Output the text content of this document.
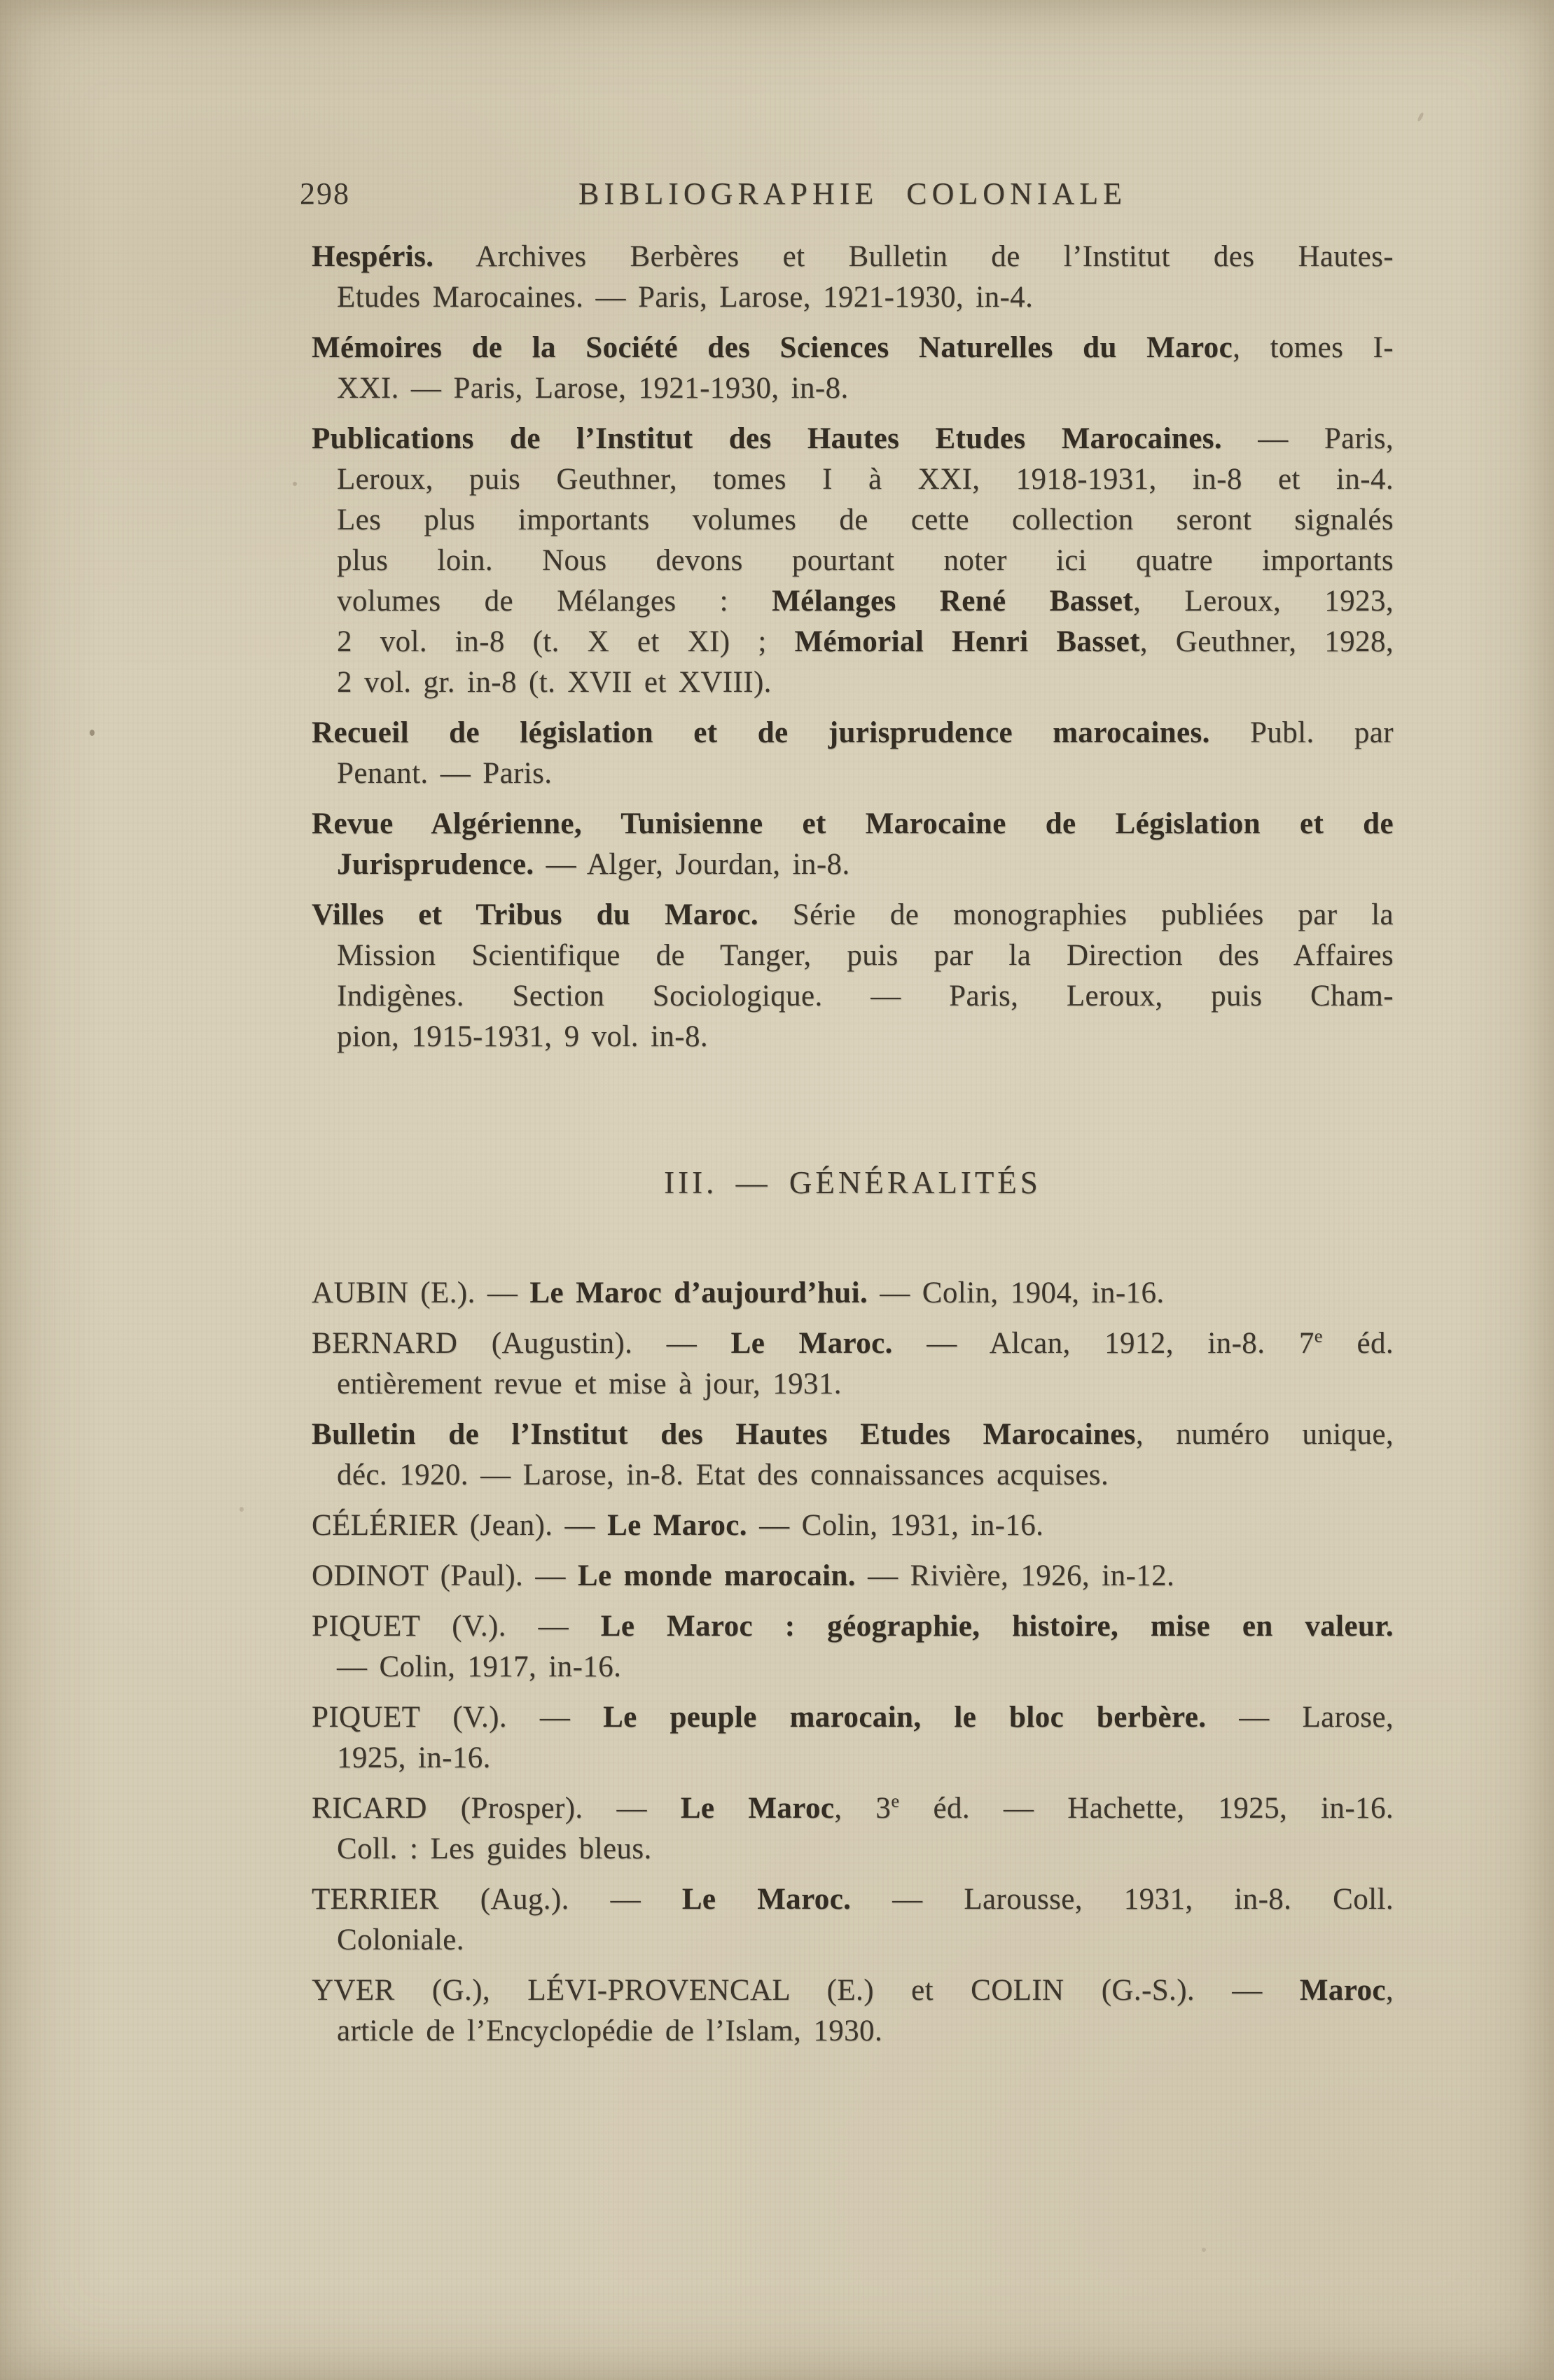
298	BIBLIOGRAPHIE COLONIALE

Hespéris. Archives Berbères et Bulletin de l’Institut des Hautes-
Etudes Marocaines. — Paris, Larose, 1921-1930, in-4.

Mémoires de la Société des Sciences Naturelles du Maroc, tomes I-
XXI. — Paris, Larose, 1921-1930, in-8.

Publications de l’Institut des Hautes Etudes Marocaines. — Paris,
Leroux, puis Geuthner, tomes I à XXI, 1918-1931, in-8 et in-4.
Les plus importants volumes de cette collection seront signalés
plus loin. Nous devons pourtant noter ici quatre importants
volumes de Mélanges : Mélanges René Basset, Leroux, 1923,
2 vol. in-8 (t. X et XI) ; Mémorial Henri Basset, Geuthner, 1928,
2 vol. gr. in-8 (t. XVII et XVIII).

Recueil de législation et de jurisprudence marocaines. Publ. par
Penant. — Paris.

Revue Algérienne, Tunisienne et Marocaine de Législation et de
Jurisprudence. — Alger, Jourdan, in-8.

Villes et Tribus du Maroc. Série de monographies publiées par la
Mission Scientifique de Tanger, puis par la Direction des Affaires
Indigènes. Section Sociologique. — Paris, Leroux, puis Cham-
pion, 1915-1931, 9 vol. in-8.

III. — GÉNÉRALITÉS

AUBIN (E.). — Le Maroc d’aujourd’hui. — Colin, 1904, in-16.

BERNARD (Augustin). — Le Maroc. — Alcan, 1912, in-8. 7e éd.
entièrement revue et mise à jour, 1931.

Bulletin de l’Institut des Hautes Etudes Marocaines, numéro unique,
déc. 1920. — Larose, in-8. Etat des connaissances acquises.

CÉLÉRIER (Jean). — Le Maroc. — Colin, 1931, in-16.

ODINOT (Paul). — Le monde marocain. — Rivière, 1926, in-12.

PIQUET (V.). — Le Maroc : géographie, histoire, mise en valeur.
— Colin, 1917, in-16.

PIQUET (V.). — Le peuple marocain, le bloc berbère. — Larose,
1925, in-16.

RICARD (Prosper). — Le Maroc, 3e éd. — Hachette, 1925, in-16.
Coll. : Les guides bleus.

TERRIER (Aug.). — Le Maroc. — Larousse, 1931, in-8. Coll.
Coloniale.

YVER (G.), LÉVI-PROVENCAL (E.) et COLIN (G.-S.). — Maroc,
article de l’Encyclopédie de l’Islam, 1930.
